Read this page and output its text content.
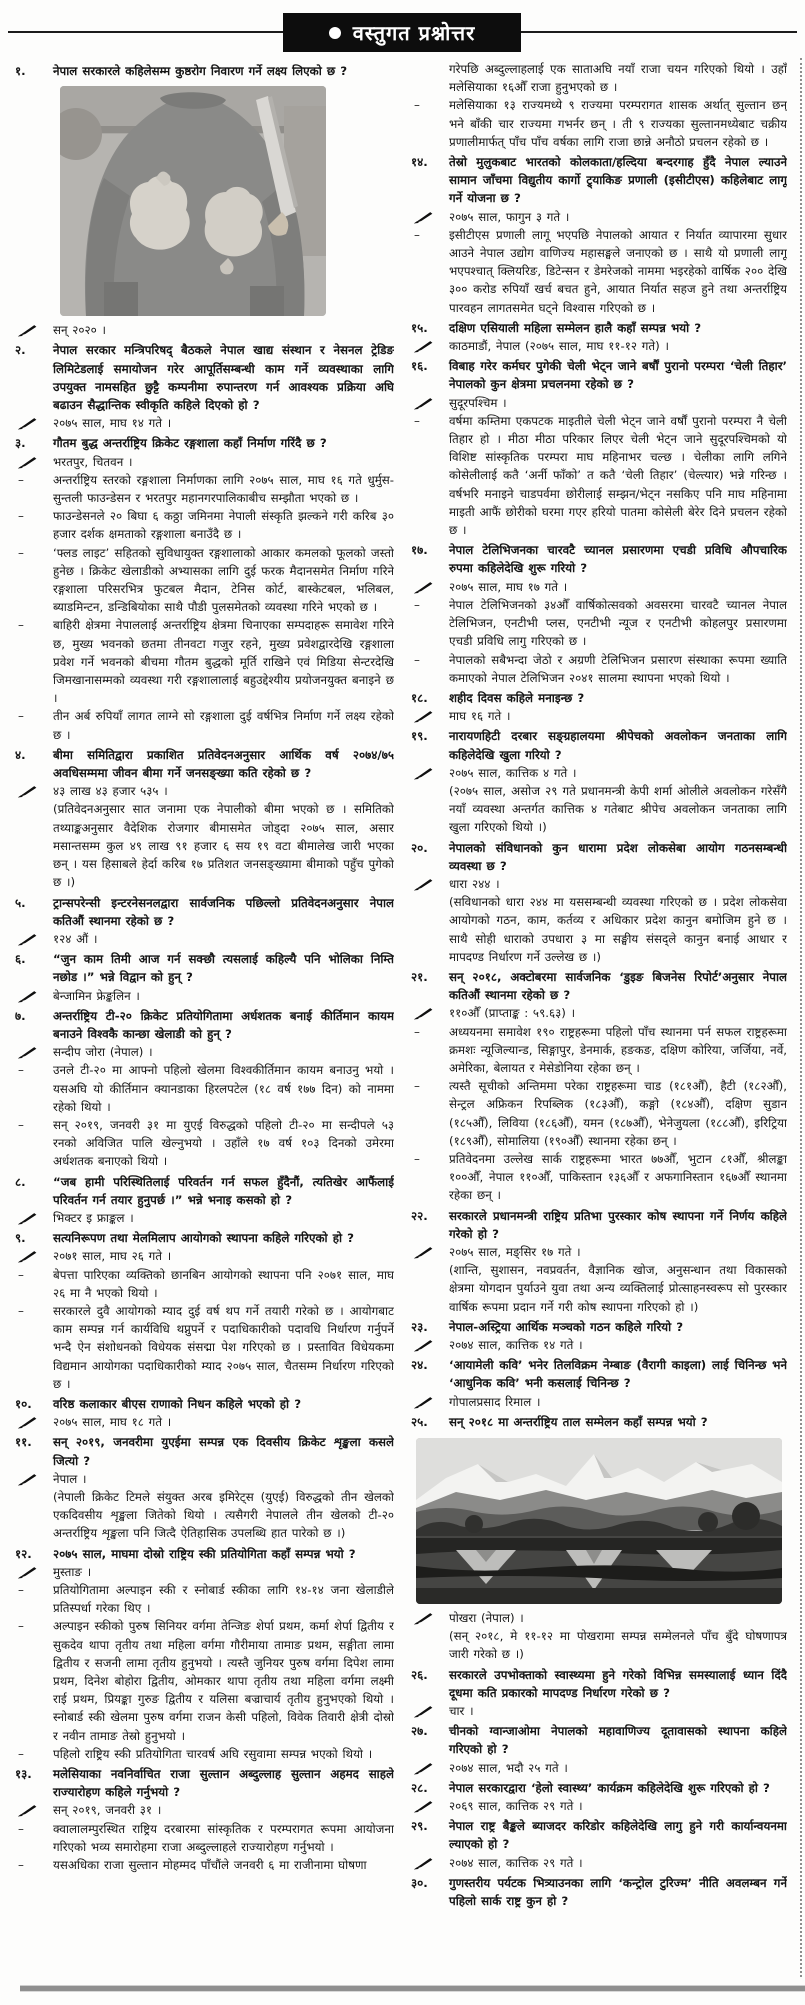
वस्तुगत प्रश्नोत्तर
१. नेपाल सरकारले कहिलेसम्म कुष्ठरोग निवारण गर्ने लक्ष्य लिएको छ ?
सन् २०२० ।
२. नेपाल सरकार मन्त्रिपरिषद् बैठकले नेपाल खाद्य संस्थान र नेसनल ट्रेडिङ लिमिटेडलाई समायोजन गरेर आपूर्तिसम्बन्धी काम गर्ने व्यवस्थाका लागि उपयुक्त नामसहित छुट्टै कम्पनीमा रुपान्तरण गर्न आवश्यक प्रक्रिया अघि बढाउन सैद्धान्तिक स्वीकृति कहिले दिएको हो ?
२०७५ साल, माघ १४ गते ।
३. गौतम बुद्ध अन्तर्राष्ट्रिय क्रिकेट रङ्गशाला कहाँ निर्माण गरिंदै छ ?
भरतपुर, चितवन ।
– अन्तर्राष्ट्रिय स्तरको रङ्गशाला निर्माणका लागि २०७५ साल, माघ १६ गते धुर्मुस-सुन्तली फाउन्डेसन र भरतपुर महानगरपालिकाबीच सम्झौता भएको छ ।
– फाउन्डेसनले २० बिघा ६ कठ्ठा जमिनमा नेपाली संस्कृति झल्कने गरी करिब ३० हजार दर्शक क्षमताको रङ्गशाला बनाउँदै छ ।
– ‘फ्लड लाइट’ सहितको सुविधायुक्त रङ्गशालाको आकार कमलको फूलको जस्तो हुनेछ । क्रिकेट खेलाडीको अभ्यासका लागि दुई फरक मैदानसमेत निर्माण गरिने रङ्गशाला परिसरभित्र फुटबल मैदान, टेनिस कोर्ट, बास्केटबल, भलिबल, ब्याडमिन्टन, डन्डिबियोका साथै पौडी पुलसमेतको व्यवस्था गरिने भएको छ ।
– बाहिरी क्षेत्रमा नेपाललाई अन्तर्राष्ट्रिय क्षेत्रमा चिनाएका सम्पदाहरू समावेश गरिने छ, मुख्य भवनको छतमा तीनवटा गजुर रहने, मुख्य प्रवेशद्वारदेखि रङ्गशाला प्रवेश गर्ने भवनको बीचमा गौतम बुद्धको मूर्ति राखिने एवं मिडिया सेन्टरदेखि जिमखानासम्मको व्यवस्था गरी रङ्गशालालाई बहुउद्देश्यीय प्रयोजनयुक्त बनाइने छ ।
– तीन अर्ब रुपियाँ लागत लाग्ने सो रङ्गशाला दुई वर्षभित्र निर्माण गर्ने लक्ष्य रहेको छ ।
४. बीमा समितिद्वारा प्रकाशित प्रतिवेदनअनुसार आर्थिक वर्ष २०७४/७५ अवधिसम्ममा जीवन बीमा गर्ने जनसङ्ख्या कति रहेको छ ?
४३ लाख ४३ हजार ५३५ ।
(प्रतिवेदनअनुसार सात जनामा एक नेपालीको बीमा भएको छ । समितिको तथ्याङ्कअनुसार वैदेशिक रोजगार बीमासमेत जोड्दा २०७५ साल, असार मसान्तसम्म कुल ४९ लाख ९१ हजार ६ सय १९ वटा बीमालेख जारी भएका छन् । यस हिसाबले हेर्दा करिब १७ प्रतिशत जनसङ्ख्यामा बीमाको पहुँच पुगेको छ ।)
५. ट्रान्सपरेन्सी इन्टरनेसनलद्वारा सार्वजनिक पछिल्लो प्रतिवेदनअनुसार नेपाल कतिऔं स्थानमा रहेको छ ?
१२४ औं ।
६. “जुन काम तिमी आज गर्न सक्छौ त्यसलाई कहिल्यै पनि भोलिका निम्ति नछोड ।” भन्ने विद्वान को हुन् ?
बेन्जामिन फ्रेङ्कलिन ।
७. अन्तर्राष्ट्रिय टी-२० क्रिकेट प्रतियोगितामा अर्धशतक बनाई कीर्तिमान कायम बनाउने विश्वकै कान्छा खेलाडी को हुन् ?
सन्दीप जोरा (नेपाल) ।
– उनले टी-२० मा आफ्नो पहिलो खेलमा विश्वकीर्तिमान कायम बनाउनु भयो । यसअघि यो कीर्तिमान क्यानडाका हिरलपटेल (१८ वर्ष १७७ दिन) को नाममा रहेको थियो ।
– सन् २०१९, जनवरी ३१ मा युएई विरुद्धको पहिलो टी-२० मा सन्दीपले ५३ रनको अविजित पालि खेल्नुभयो । उहाँले १७ वर्ष १०३ दिनको उमेरमा अर्धशतक बनाएको थियो ।
८. “जब हामी परिस्थितिलाई परिवर्तन गर्न सफल हुँदैनौं, त्यतिखेर आफैंलाई परिवर्तन गर्न तयार हुनुपर्छ ।” भन्ने भनाइ कसको हो ?
भिक्टर इ फ्राङ्कल ।
९. सत्यनिरूपण तथा मेलमिलाप आयोगको स्थापना कहिले गरिएको हो ?
२०७१ साल, माघ २६ गते ।
– बेपत्ता पारिएका व्यक्तिको छानबिन आयोगको स्थापना पनि २०७१ साल, माघ २६ मा नै भएको थियो ।
– सरकारले दुवै आयोगको म्याद दुई वर्ष थप गर्ने तयारी गरेको छ । आयोगबाट काम सम्पन्न गर्न कार्यविधि थप्नुपर्ने र पदाधिकारीको पदावधि निर्धारण गर्नुपर्ने भन्दै ऐन संशोधनको विधेयक संसद्मा पेश गरिएको छ । प्रस्तावित विधेयकमा विद्यमान आयोगका पदाधिकारीको म्याद २०७५ साल, चैतसम्म निर्धारण गरिएको छ ।
१०. वरिष्ठ कलाकार बीएस राणाको निधन कहिले भएको हो ?
२०७५ साल, माघ १८ गते ।
११. सन् २०१९, जनवरीमा युएईमा सम्पन्न एक दिवसीय क्रिकेट शृङ्खला कसले जित्यो ?
नेपाल ।
(नेपाली क्रिकेट टिमले संयुक्त अरब इमिरेट्स (युएई) विरुद्धको तीन खेलको एकदिवसीय शृङ्खला जितेको थियो । त्यसैगरी नेपालले तीन खेलको टी-२० अन्तर्राष्ट्रिय शृङ्खला पनि जित्दै ऐतिहासिक उपलब्धि हात पारेको छ ।)
१२. २०७५ साल, माघमा दोस्रो राष्ट्रिय स्की प्रतियोगिता कहाँ सम्पन्न भयो ?
मुस्ताङ ।
– प्रतियोगितामा अल्पाइन स्की र स्नोबार्ड स्कीका लागि १४-१४ जना खेलाडीले प्रतिस्पर्धा गरेका थिए ।
– अल्पाइन स्कीको पुरुष सिनियर वर्गमा तेन्जिङ शेर्पा प्रथम, कर्मा शेर्पा द्वितीय र सुकदेव थापा तृतीय तथा महिला वर्गमा गौरीमाया तामाङ प्रथम, सङ्गीता लामा द्वितीय र सजनी लामा तृतीय हुनुभयो । त्यस्तै जुनियर पुरुष वर्गमा दिपेश लामा प्रथम, दिनेश बोहोरा द्वितीय, ओमकार थापा तृतीय तथा महिला वर्गमा लक्ष्मी राई प्रथम, प्रियङ्का गुरुङ द्वितीय र यलिसा बज्राचार्य तृतीय हुनुभएको थियो । स्नोबार्ड स्की खेलमा पुरुष वर्गमा राजन केसी पहिलो, विवेक तिवारी क्षेत्री दोस्रो र नवीन तामाङ तेस्रो हुनुभयो ।
– पहिलो राष्ट्रिय स्की प्रतियोगिता चारवर्ष अघि रसुवामा सम्पन्न भएको थियो ।
१३. मलेसियाका नवनिर्वाचित राजा सुल्तान अब्दुल्लाह सुल्तान अहमद साहले राज्यारोहण कहिले गर्नुभयो ?
सन् २०१९, जनवरी ३१ ।
– क्वालालम्पुरस्थित राष्ट्रिय दरबारमा सांस्कृतिक र परम्परागत रूपमा आयोजना गरिएको भव्य समारोहमा राजा अब्दुल्लाहले राज्यारोहण गर्नुभयो ।
– यसअधिका राजा सुल्तान मोहम्मद पाँचौंले जनवरी ६ मा राजीनामा घोषणा
गरेपछि अब्दुल्लाहलाई एक साताअघि नयाँ राजा चयन गरिएको थियो । उहाँ मलेसियाका १६औँ राजा हुनुभएको छ ।
– मलेसियाका १३ राज्यमध्ये ९ राज्यमा परम्परागत शासक अर्थात् सुल्तान छन् भने बाँकी चार राज्यमा गभर्नर छन् । ती ९ राज्यका सुल्तानमध्येबाट चक्रीय प्रणालीमार्फत् पाँच पाँच वर्षका लागि राजा छान्ने अनौठो प्रचलन रहेको छ ।
१४. तेस्रो मुलुकबाट भारतको कोलकाता/हल्दिया बन्दरगाह हुँदै नेपाल ल्याउने सामान जाँचमा विद्युतीय कार्गो ट्र्याकिङ प्रणाली (इसीटीएस) कहिलेबाट लागू गर्ने योजना छ ?
२०७५ साल, फागुन ३ गते ।
– इसीटीएस प्रणाली लागू भएपछि नेपालको आयात र निर्यात व्यापारमा सुधार आउने नेपाल उद्योग वाणिज्य महासङ्घले जनाएको छ । साथै यो प्रणाली लागू भएपश्चात् क्लियरिङ, डिटेन्सन र डेमरेजको नाममा भइरहेको वार्षिक २०० देखि ३०० करोड रुपियाँ खर्च बचत हुने, आयात निर्यात सहज हुने तथा अन्तर्राष्ट्रिय पारवहन लागतसमेत घट्ने विश्वास गरिएको छ ।
१५. दक्षिण एसियाली महिला सम्मेलन हालै कहाँ सम्पन्न भयो ?
काठमाडौं, नेपाल (२०७५ साल, माघ ११-१२ गते) ।
१६. विबाह गरेर कर्मघर पुगेकी चेली भेट्न जाने बर्षौं पुरानो परम्परा ‘चेली तिहार’ नेपालको कुन क्षेत्रमा प्रचलनमा रहेको छ ?
सुदूरपश्चिम ।
– वर्षमा कम्तिमा एकपटक माइतीले चेली भेट्न जाने वर्षौं पुरानो परम्परा नै चेली तिहार हो । मीठा मीठा परिकार लिएर चेली भेट्न जाने सुदूरपश्चिमको यो विशिष्ट सांस्कृतिक परम्परा माघ महिनाभर चल्छ । चेलीका लागि लगिने कोसेलीलाई कतै ‘अर्नी फाँको’ त कतै ‘चेली तिहार’ (चेल्त्यार) भन्ने गरिन्छ । वर्षभरि मनाइने चाडपर्वमा छोरीलाई सम्झन/भेट्न नसकिए पनि माघ महिनामा माइती आफैं छोरीको घरमा गएर हरियो पातमा कोसेली बेरेर दिने प्रचलन रहेको छ ।
१७. नेपाल टेलिभिजनका चारवटै च्यानल प्रसारणमा एचडी प्रविधि औपचारिक रुपमा कहिलेदेखि शुरू गरियो ?
२०७५ साल, माघ १७ गते ।
– नेपाल टेलिभिजनको ३४औँ वार्षिकोत्सवको अवसरमा चारवटै च्यानल नेपाल टेलिभिजन, एनटीभी प्लस, एनटीभी न्यूज र एनटीभी कोहलपुर प्रसारणमा एचडी प्रविधि लागु गरिएको छ ।
– नेपालको सबैभन्दा जेठो र अग्रणी टेलिभिजन प्रसारण संस्थाका रूपमा ख्याति कमाएको नेपाल टेलिभिजन २०४१ सालमा स्थापना भएको थियो ।
१८. शहीद दिवस कहिले मनाइन्छ ?
माघ १६ गते ।
१९. नारायणहिटी दरबार सङ्ग्रहालयमा श्रीपेचको अवलोकन जनताका लागि कहिलेदेखि खुला गरियो ?
२०७५ साल, कात्तिक ४ गते ।
(२०७५ साल, असोज २९ गते प्रधानमन्त्री केपी शर्मा ओलीले अवलोकन गरेसँगै नयाँ व्यवस्था अन्तर्गत कात्तिक ४ गतेबाट श्रीपेच अवलोकन जनताका लागि खुला गरिएको थियो ।)
२०. नेपालको संविधानको कुन धारामा प्रदेश लोकसेबा आयोग गठनसम्बन्धी व्यवस्था छ ?
धारा २४४ ।
(सविधानको धारा २४४ मा यससम्बन्धी व्यवस्था गरिएको छ । प्रदेश लोकसेवा आयोगको गठन, काम, कर्तव्य र अधिकार प्रदेश कानुन बमोजिम हुने छ । साथै सोही धाराको उपधारा ३ मा सङ्घीय संसद्ले कानुन बनाई आधार र मापदण्ड निर्धारण गर्ने उल्लेख छ ।)
२१. सन् २०१८, अक्टोबरमा सार्वजनिक ‘डुइङ बिजनेस रिपोर्ट’अनुसार नेपाल कतिऔं स्थानमा रहेको छ ?
११०औँ (प्राप्ताङ्क : ५९.६३) ।
– अध्ययनमा समावेश १९० राष्ट्रहरूमा पहिलो पाँच स्थानमा पर्न सफल राष्ट्रहरूमा क्रमशः न्यूजिल्यान्ड, सिङ्गापुर, डेनमार्क, हङकङ, दक्षिण कोरिया, जर्जिया, नर्वे, अमेरिका, बेलायत र मेसेडोनिया रहेका छन् ।
– त्यस्तै सूचीको अन्तिममा परेका राष्ट्रहरूमा चाड (१८१औँ), हैटी (१८२औँ), सेन्ट्रल अफ्रिकन रिपब्लिक (१८३औँ), कङ्गो (१८४औँ), दक्षिण सुडान (१८५औँ), लिविया (१८६औँ), यमन (१८७औँ), भेनेजुयला (१८८औँ), इरिट्रिया (१८९औँ), सोमालिया (१९०औँ) स्थानमा रहेका छन् ।
– प्रतिवेदनमा उल्लेख सार्क राष्ट्रहरूमा भारत ७७औँ, भुटान ८१औँ, श्रीलङ्का १००औँ, नेपाल ११०औँ, पाकिस्तान १३६औँ र अफगानिस्तान १६७औँ स्थानमा रहेका छन् ।
२२. सरकारले प्रधानमन्त्री राष्ट्रिय प्रतिभा पुरस्कार कोष स्थापना गर्ने निर्णय कहिले गरेको हो ?
२०७५ साल, मङ्सिर १७ गते ।
(शान्ति, सुशासन, नवप्रवर्तन, वैज्ञानिक खोज, अनुसन्धान तथा विकासको क्षेत्रमा योगदान पुर्याउने युवा तथा अन्य व्यक्तिलाई प्रोत्साहनस्वरूप सो पुरस्कार वार्षिक रूपमा प्रदान गर्ने गरी कोष स्थापना गरिएको हो ।)
२३. नेपाल-अस्ट्रिया आर्थिक मञ्चको गठन कहिले गरियो ?
२०७४ साल, कात्तिक १४ गते ।
२४. ‘आयामेली कवि’ भनेर तिलविक्रम नेम्बाङ (वैरागी काइला) लाई चिनिन्छ भने ‘आधुनिक कवि’ भनी कसलाई चिनिन्छ ?
गोपालप्रसाद रिमाल ।
२५. सन् २०१८ मा अन्तर्राष्ट्रिय ताल सम्मेलन कहाँ सम्पन्न भयो ?
पोखरा (नेपाल) ।
(सन् २०१८, मे ११-१२ मा पोखरामा सम्पन्न सम्मेलनले पाँच बुँदे घोषणापत्र जारी गरेको छ ।)
२६. सरकारले उपभोक्ताको स्वास्थ्यमा हुने गरेको विभिन्न समस्यालाई ध्यान दिंदै दूधमा कति प्रकारको मापदण्ड निर्धारण गरेको छ ?
चार ।
२७. चीनको ग्वान्जाओमा नेपालको महावाणिज्य दूतावासको स्थापना कहिले गरिएको हो ?
२०७४ साल, भदौ २५ गते ।
२८. नेपाल सरकारद्वारा ‘हेलो स्वास्थ्य’ कार्यक्रम कहिलेदेखि शुरू गरिएको हो ?
२०६९ साल, कात्तिक २९ गते ।
२९. नेपाल राष्ट्र बैङ्कले ब्याजदर करिडोर कहिलेदेखि लागु हुने गरी कार्यान्वयनमा ल्याएको हो ?
२०७४ साल, कात्तिक २९ गते ।
३०. गुणस्तरीय पर्यटक भित्र्याउनका लागि ‘कन्ट्रोल टुरिज्म’ नीति अवलम्बन गर्ने पहिलो सार्क राष्ट्र कुन हो ?
